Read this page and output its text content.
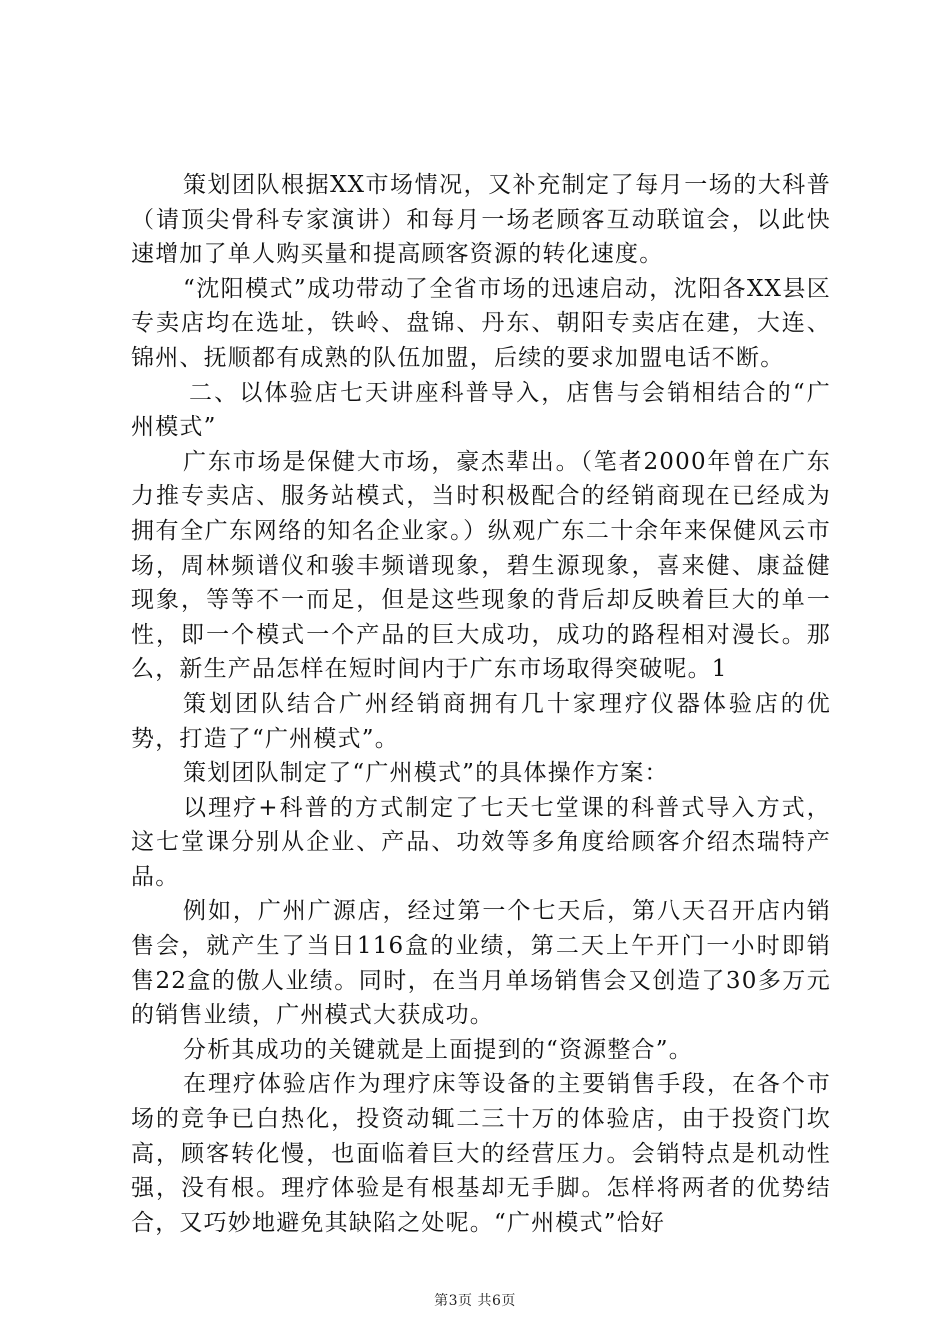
策划团队根据XX市场情况，又补充制定了每月一场的大科普（请顶尖骨科专家演讲）和每月一场老顾客互动联谊会，以此快速增加了单人购买量和提高顾客资源的转化速度。

“沈阳模式”成功带动了全省市场的迅速启动，沈阳各XX县区专卖店均在选址，铁岭、盘锦、丹东、朝阳专卖店在建，大连、锦州、抚顺都有成熟的队伍加盟，后续的要求加盟电话不断。

二、以体验店七天讲座科普导入，店售与会销相结合的“广州模式”

广东市场是保健大市场，豪杰辈出。（笔者2000年曾在广东力推专卖店、服务站模式，当时积极配合的经销商现在已经成为拥有全广东网络的知名企业家。）纵观广东二十余年来保健风云市场，周林频谱仪和骏丰频谱现象，碧生源现象，喜来健、康益健现象，等等不一而足，但是这些现象的背后却反映着巨大的单一性，即一个模式一个产品的巨大成功，成功的路程相对漫长。那么，新生产品怎样在短时间内于广东市场取得突破呢。1

策划团队结合广州经销商拥有几十家理疗仪器体验店的优势，打造了“广州模式”。

策划团队制定了“广州模式”的具体操作方案：

以理疗+科普的方式制定了七天七堂课的科普式导入方式，这七堂课分别从企业、产品、功效等多角度给顾客介绍杰瑞特产品。

例如，广州广源店，经过第一个七天后，第八天召开店内销售会，就产生了当日116盒的业绩，第二天上午开门一小时即销售22盒的傲人业绩。同时，在当月单场销售会又创造了30多万元的销售业绩，广州模式大获成功。

分析其成功的关键就是上面提到的“资源整合”。

在理疗体验店作为理疗床等设备的主要销售手段，在各个市场的竞争已白热化，投资动辄二三十万的体验店，由于投资门坎高，顾客转化慢，也面临着巨大的经营压力。会销特点是机动性强，没有根。理疗体验是有根基却无手脚。怎样将两者的优势结合，又巧妙地避免其缺陷之处呢。“广州模式”恰好

第3页 共6页
